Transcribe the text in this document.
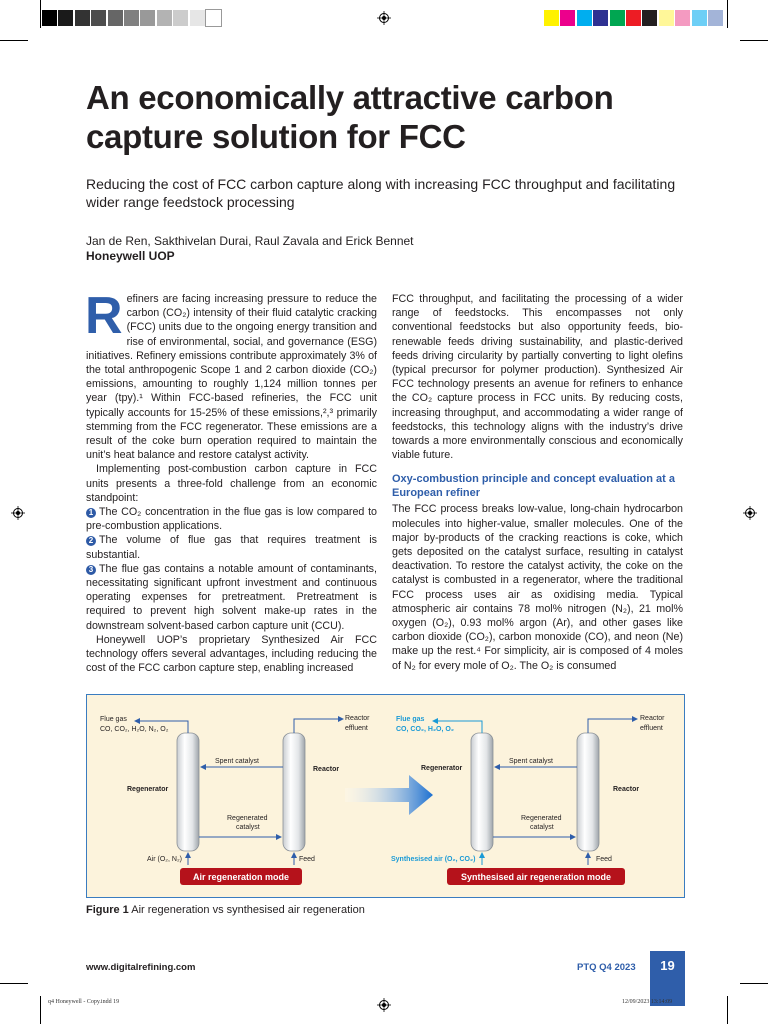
An economically attractive carbon capture solution for FCC
Reducing the cost of FCC carbon capture along with increasing FCC throughput and facilitating wider range feedstock processing
Jan de Ren, Sakthivelan Durai, Raul Zavala and Erick Bennet
Honeywell UOP

Refiners are facing increasing pressure to reduce the carbon (CO₂) intensity of their fluid catalytic cracking (FCC) units due to the ongoing energy transition and rise of environmental, social, and governance (ESG) initiatives. Refinery emissions contribute approximately 3% of the total anthropogenic Scope 1 and 2 carbon dioxide (CO₂) emissions, amounting to roughly 1,124 million tonnes per year (tpy).¹ Within FCC-based refineries, the FCC unit typically accounts for 15-25% of these emissions,²,³ primarily stemming from the FCC regenerator. These emissions are a result of the coke burn operation required to maintain the unit’s heat balance and restore catalyst activity.

Implementing post-combustion carbon capture in FCC units presents a three-fold challenge from an economic standpoint:

1 The CO₂ concentration in the flue gas is low compared to pre-combustion applications.

2 The volume of flue gas that requires treatment is substantial.

3 The flue gas contains a notable amount of contaminants, necessitating significant upfront investment and continuous operating expenses for pretreatment. Pretreatment is required to prevent high solvent make-up rates in the downstream solvent-based carbon capture unit (CCU).

Honeywell UOP’s proprietary Synthesized Air FCC technology offers several advantages, including reducing the cost of the FCC carbon capture step, enabling increased

FCC throughput, and facilitating the processing of a wider range of feedstocks. This encompasses not only conventional feedstocks but also opportunity feeds, bio-renewable feeds driving sustainability, and plastic-derived feeds driving circularity by partially converting to light olefins (typical precursor for polymer production). Synthesized Air FCC technology presents an avenue for refiners to enhance the CO₂ capture process in FCC units. By reducing costs, increasing throughput, and accommodating a wider range of feedstocks, this technology aligns with the industry’s drive towards a more environmentally conscious and economically viable future.

Oxy-combustion principle and concept evaluation at a European refiner

The FCC process breaks low-value, long-chain hydrocarbon molecules into higher-value, smaller molecules. One of the major by-products of the cracking reactions is coke, which gets deposited on the catalyst surface, resulting in catalyst deactivation. To restore the catalyst activity, the coke on the catalyst is combusted in a regenerator, where the traditional FCC process uses air as oxidising media. Typical atmospheric air contains 78 mol% nitrogen (N₂), 21 mol% oxygen (O₂), 0.93 mol% argon (Ar), and other gases like carbon dioxide (CO₂), carbon monoxide (CO), and neon (Ne) make up the rest.⁴ For simplicity, air is composed of 4 moles of N₂ for every mole of O₂. The O₂ is consumed

Flue gas
CO, CO₂, H₂O, N₂, O₂
Reactor
effluent
Spent catalyst
Regenerator
Reactor
Regenerated
catalyst
Air (O₂, N₂)	Feed
Air regeneration mode
Flue gas
CO, CO₂, H₂O, O₂
Reactor
effluent
Spent catalyst
Regenerator
Reactor
Regenerated
catalyst
Synthesised air (O₂, CO₂)	Feed
Synthesised air regeneration mode
Figure 1 Air regeneration vs synthesised air regeneration
www.digitalrefining.com	PTQ Q4 2023	19
q4 Honeywell - Copy.indd 19	12/09/2023 13:14:09
